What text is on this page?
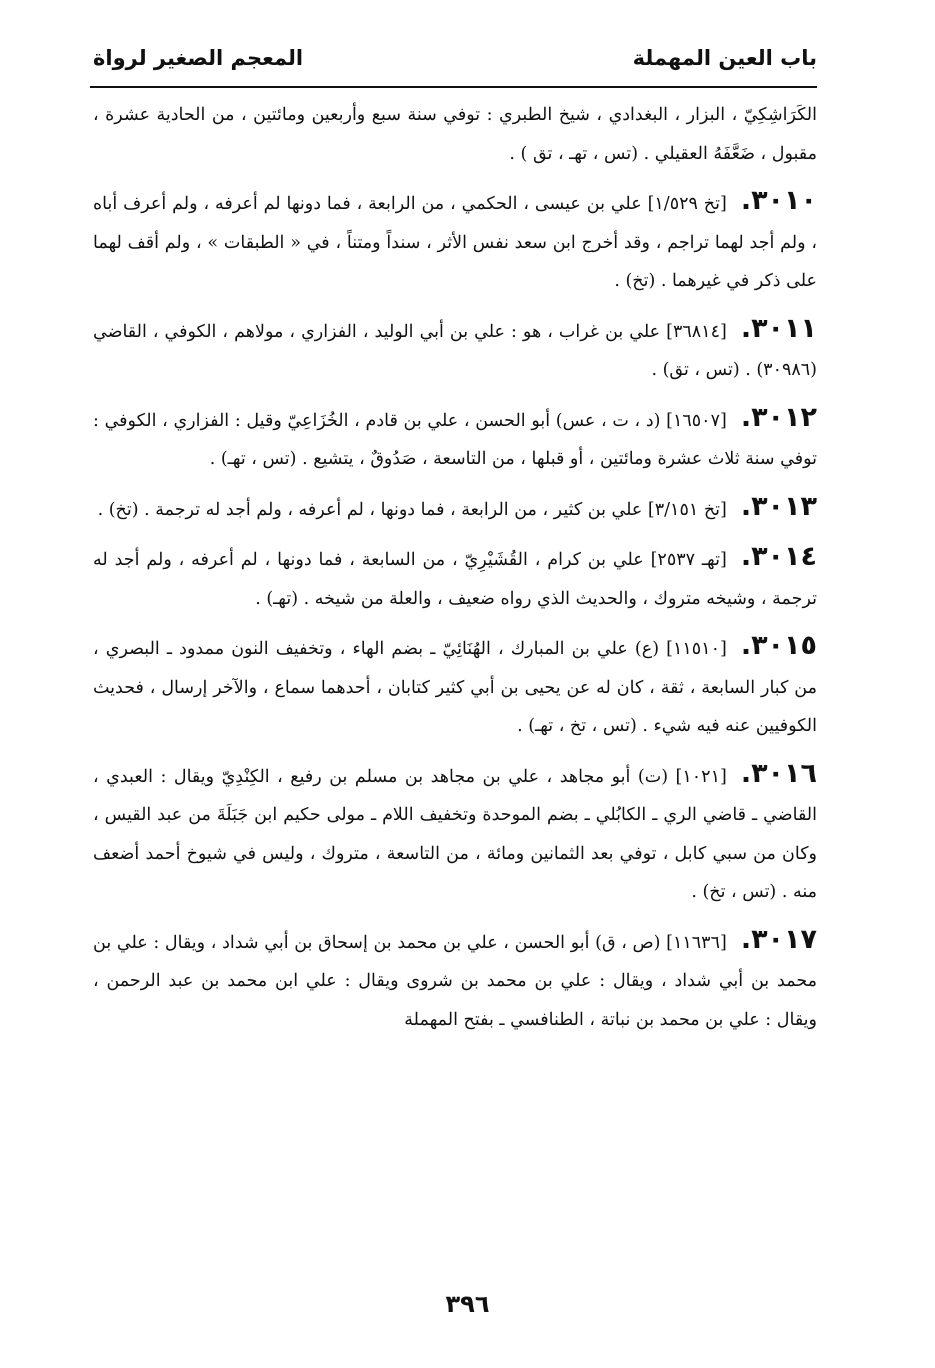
باب العين المهملة
المعجم الصغير لرواة
الكَرَاشِكِيّ ، البزار ، البغدادي ، شيخ الطبري : توفي سنة سبع وأربعين ومائتين ، من الحادية عشرة ، مقبول ، ضَعَّفَهُ العقيلي . (تس ، تهـ ، تق ) .
٣٠١٠.[تخ ١/٥٢٩] علي بن عيسى ، الحكمي ، من الرابعة ، فما دونها لم أعرفه ، ولم أعرف أباه ، ولم أجد لهما تراجم ، وقد أخرج ابن سعد نفس الأثر ، سنداً ومتناً ، في « الطبقات » ، ولم أقف لهما على ذكر في غيرهما . (تخ) .
٣٠١١.[٣٦٨١٤] علي بن غراب ، هو : علي بن أبي الوليد ، الفزاري ، مولاهم ، الكوفي ، القاضي (٣٠٩٨٦) . (تس ، تق) .
٣٠١٢.[١٦٥٠٧] (د ، ت ، عس) أبو الحسن ، علي بن قادم ، الخُزَاعِيّ وقيل : الفزاري ، الكوفي : توفي سنة ثلاث عشرة ومائتين ، أو قبلها ، من التاسعة ، صَدُوقٌ ، يتشيع . (تس ، تهـ) .
٣٠١٣.[تخ ٣/١٥١] علي بن كثير ، من الرابعة ، فما دونها ، لم أعرفه ، ولم أجد له ترجمة . (تخ) .
٣٠١٤.[تهـ ٢٥٣٧] علي بن كرام ، القُشَيْرِيّ ، من السابعة ، فما دونها ، لم أعرفه ، ولم أجد له ترجمة ، وشيخه متروك ، والحديث الذي رواه ضعيف ، والعلة من شيخه . (تهـ) .
٣٠١٥.[١١٥١٠] (ع) علي بن المبارك ، الهُنَائِيّ ـ بضم الهاء ، وتخفيف النون ممدود ـ البصري ، من كبار السابعة ، ثقة ، كان له عن يحيى بن أبي كثير كتابان ، أحدهما سماع ، والآخر إرسال ، فحديث الكوفيين عنه فيه شيء . (تس ، تخ ، تهـ) .
٣٠١٦.[١٠٢١] (ت) أبو مجاهد ، علي بن مجاهد بن مسلم بن رفيع ، الكِنْدِيّ ويقال : العبدي ، القاضي ـ قاضي الري ـ الكابُلي ـ بضم الموحدة وتخفيف اللام ـ مولى حكيم ابن جَبَلَةَ من عبد القيس ، وكان من سبي كابل ، توفي بعد الثمانين ومائة ، من التاسعة ، متروك ، وليس في شيوخ أحمد أضعف منه . (تس ، تخ) .
٣٠١٧.[١١٦٣٦] (ص ، ق) أبو الحسن ، علي بن محمد بن إسحاق بن أبي شداد ، ويقال : علي بن محمد بن أبي شداد ، ويقال : علي بن محمد بن شروى ويقال : علي ابن محمد بن عبد الرحمن ، ويقال : علي بن محمد بن نباتة ، الطنافسي ـ بفتح المهملة
٣٩٦
